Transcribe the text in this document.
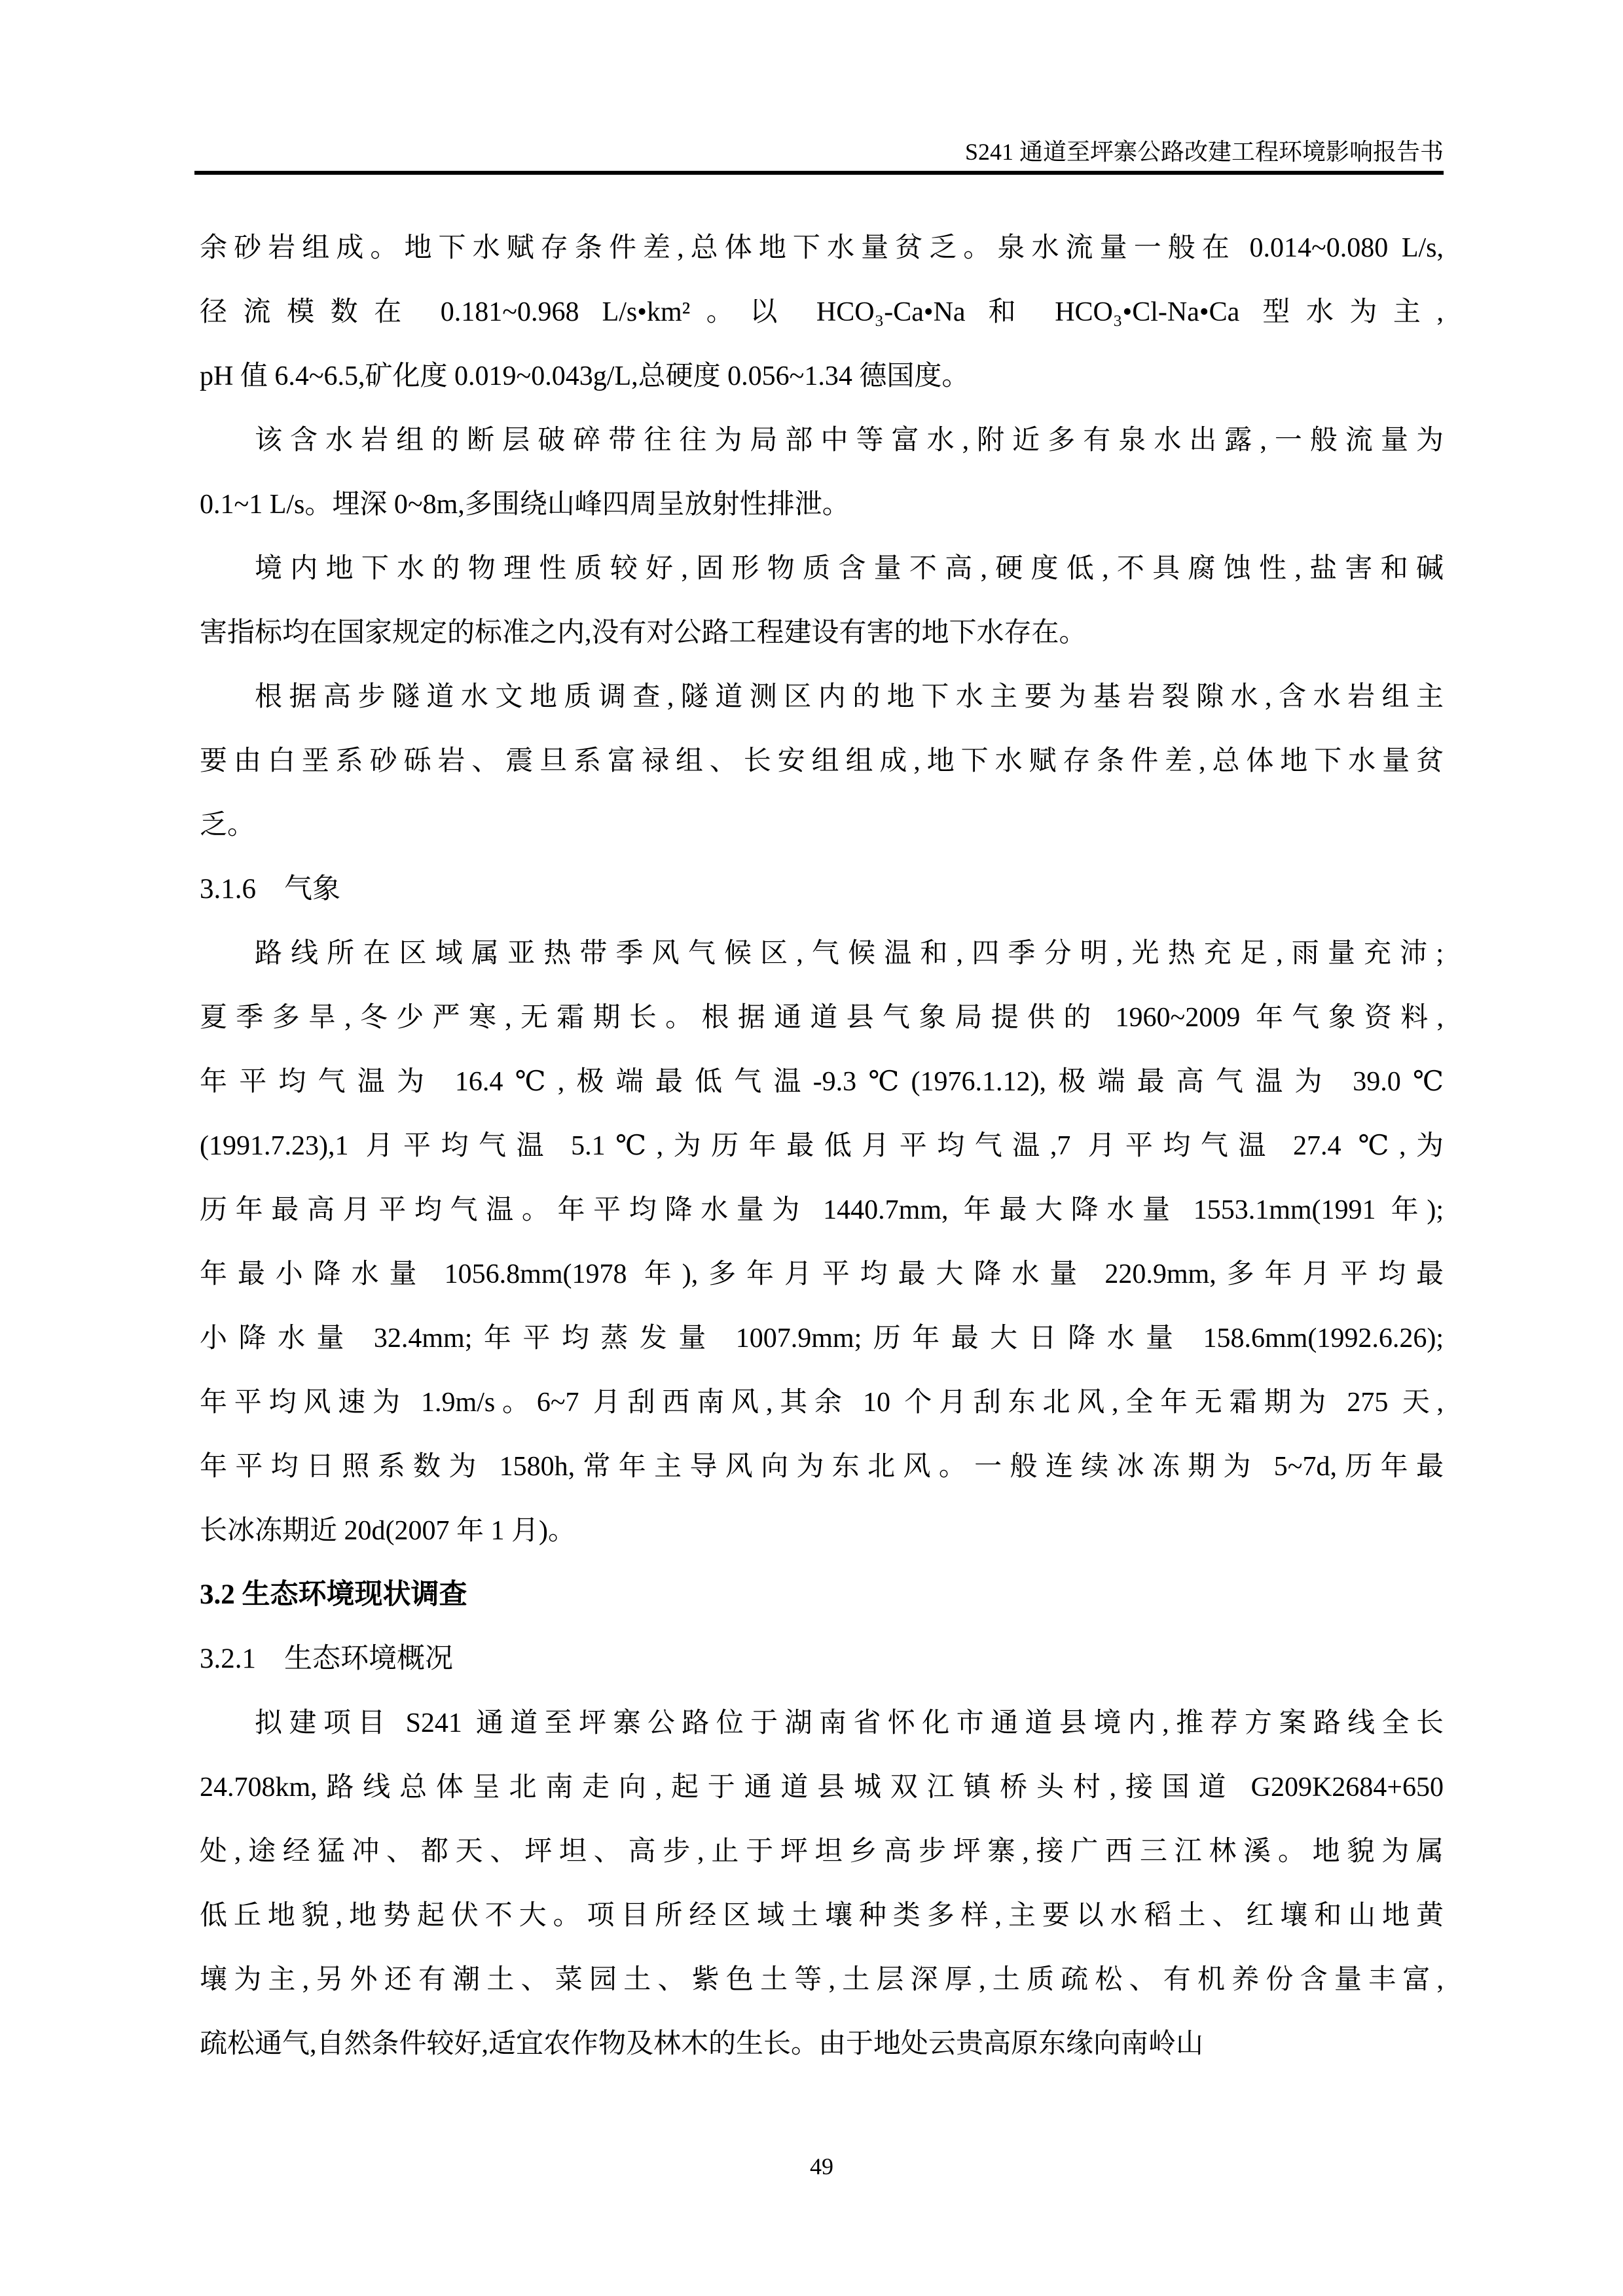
S241 通道至坪寨公路改建工程环境影响报告书
余砂岩组成。地下水赋存条件差,总体地下水量贫乏。泉水流量一般在 0.014~0.080 L/s,
径流模数在 0.181~0.968 L/s•km²。以 HCO₃-Ca•Na 和 HCO₃•Cl-Na•Ca 型水为主,
pH 值 6.4~6.5,矿化度 0.019~0.043g/L,总硬度 0.056~1.34 德国度。
该含水岩组的断层破碎带往往为局部中等富水,附近多有泉水出露,一般流量为
0.1~1 L/s。埋深 0~8m,多围绕山峰四周呈放射性排泄。
境内地下水的物理性质较好,固形物质含量不高,硬度低,不具腐蚀性,盐害和碱
害指标均在国家规定的标准之内,没有对公路工程建设有害的地下水存在。
根据高步隧道水文地质调查,隧道测区内的地下水主要为基岩裂隙水,含水岩组主
要由白垩系砂砾岩、震旦系富禄组、长安组组成,地下水赋存条件差,总体地下水量贫
乏。
3.1.6　气象
路线所在区域属亚热带季风气候区,气候温和,四季分明,光热充足,雨量充沛;
夏季多旱,冬少严寒,无霜期长。根据通道县气象局提供的 1960~2009 年气象资料,
年平均气温为 16.4℃,极端最低气温-9.3℃(1976.1.12),极端最高气温为 39.0℃
(1991.7.23),1 月平均气温 5.1℃,为历年最低月平均气温,7 月平均气温 27.4 ℃,为
历年最高月平均气温。年平均降水量为 1440.7mm, 年最大降水量 1553.1mm(1991 年);
年最小降水量 1056.8mm(1978 年),多年月平均最大降水量 220.9mm,多年月平均最
小降水量 32.4mm;年平均蒸发量 1007.9mm;历年最大日降水量 158.6mm(1992.6.26);
年平均风速为 1.9m/s。6~7 月刮西南风,其余 10 个月刮东北风,全年无霜期为 275 天,
年平均日照系数为 1580h,常年主导风向为东北风。一般连续冰冻期为 5~7d,历年最
长冰冻期近 20d(2007 年 1 月)。
3.2 生态环境现状调查
3.2.1　生态环境概况
拟建项目 S241 通道至坪寨公路位于湖南省怀化市通道县境内,推荐方案路线全长
24.708km,路线总体呈北南走向,起于通道县城双江镇桥头村,接国道 G209K2684+650
处,途经猛冲、都天、坪坦、高步,止于坪坦乡高步坪寨,接广西三江林溪。地貌为属
低丘地貌,地势起伏不大。项目所经区域土壤种类多样,主要以水稻土、红壤和山地黄
壤为主,另外还有潮土、菜园土、紫色土等,土层深厚,土质疏松、有机养份含量丰富,
疏松通气,自然条件较好,适宜农作物及林木的生长。由于地处云贵高原东缘向南岭山
49
